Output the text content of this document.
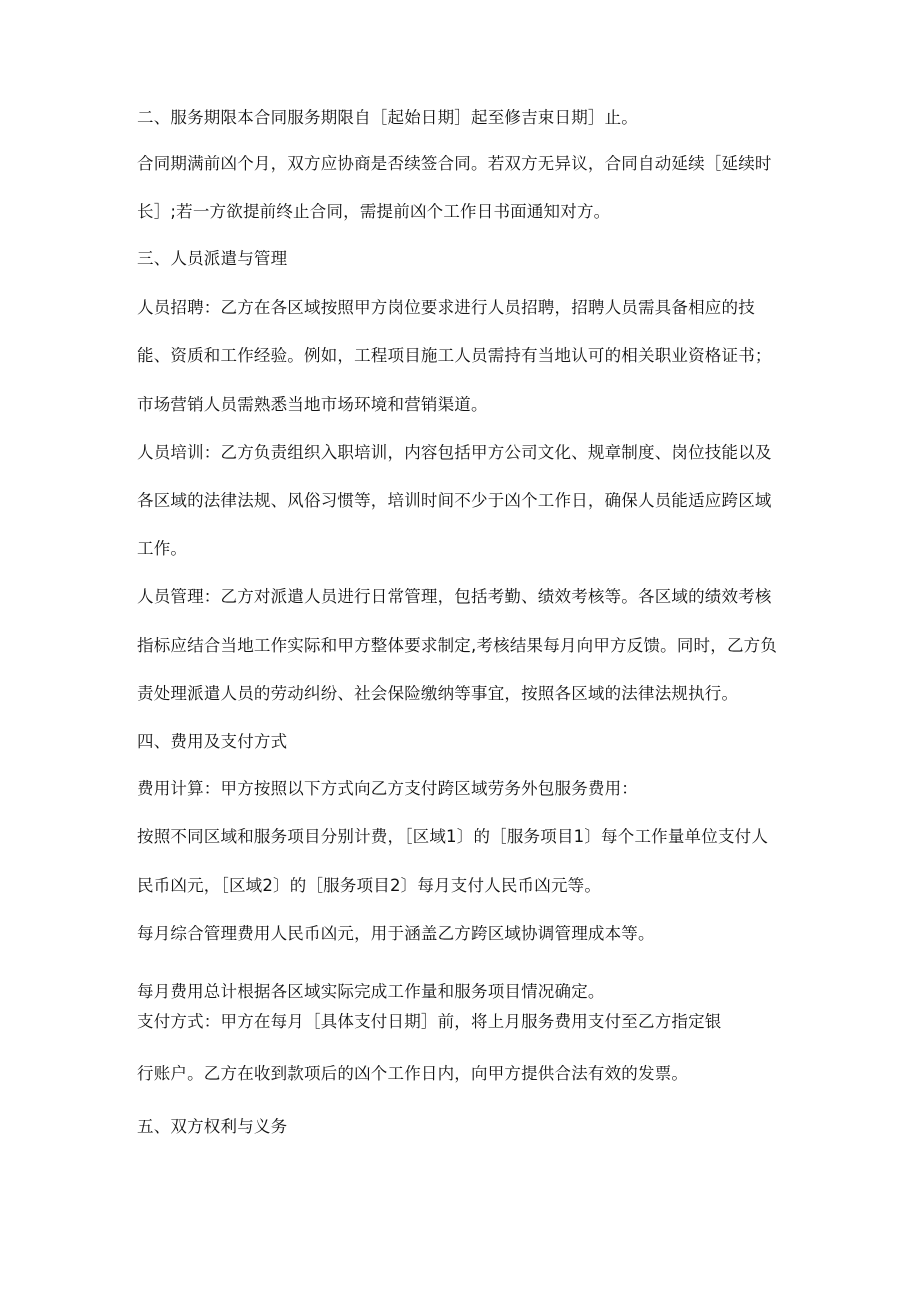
二、服务期限本合同服务期限自［起始日期］起至修吉束日期］止。
合同期满前凶个月，双方应协商是否续签合同。若双方无异议，合同自动延续［延续时
长］;若一方欲提前终止合同，需提前凶个工作日书面通知对方。
三、人员派遣与管理
人员招聘：乙方在各区域按照甲方岗位要求进行人员招聘，招聘人员需具备相应的技
能、资质和工作经验。例如，工程项目施工人员需持有当地认可的相关职业资格证书；
市场营销人员需熟悉当地市场环境和营销渠道。
人员培训：乙方负责组织入职培训，内容包括甲方公司文化、规章制度、岗位技能以及
各区域的法律法规、风俗习惯等，培训时间不少于凶个工作日，确保人员能适应跨区域
工作。
人员管理：乙方对派遣人员进行日常管理，包括考勤、绩效考核等。各区域的绩效考核
指标应结合当地工作实际和甲方整体要求制定,考核结果每月向甲方反馈。同时，乙方负
责处理派遣人员的劳动纠纷、社会保险缴纳等事宜，按照各区域的法律法规执行。
四、费用及支付方式
费用计算：甲方按照以下方式向乙方支付跨区域劳务外包服务费用：
按照不同区域和服务项目分别计费，［区域1〕的［服务项目1〕每个工作量单位支付人
民币凶元，［区域2〕的［服务项目2〕每月支付人民币凶元等。
每月综合管理费用人民币凶元，用于涵盖乙方跨区域协调管理成本等。
每月费用总计根据各区域实际完成工作量和服务项目情况确定。
支付方式：甲方在每月［具体支付日期］前，将上月服务费用支付至乙方指定银
行账户。乙方在收到款项后的凶个工作日内，向甲方提供合法有效的发票。
五、双方权利与义务
